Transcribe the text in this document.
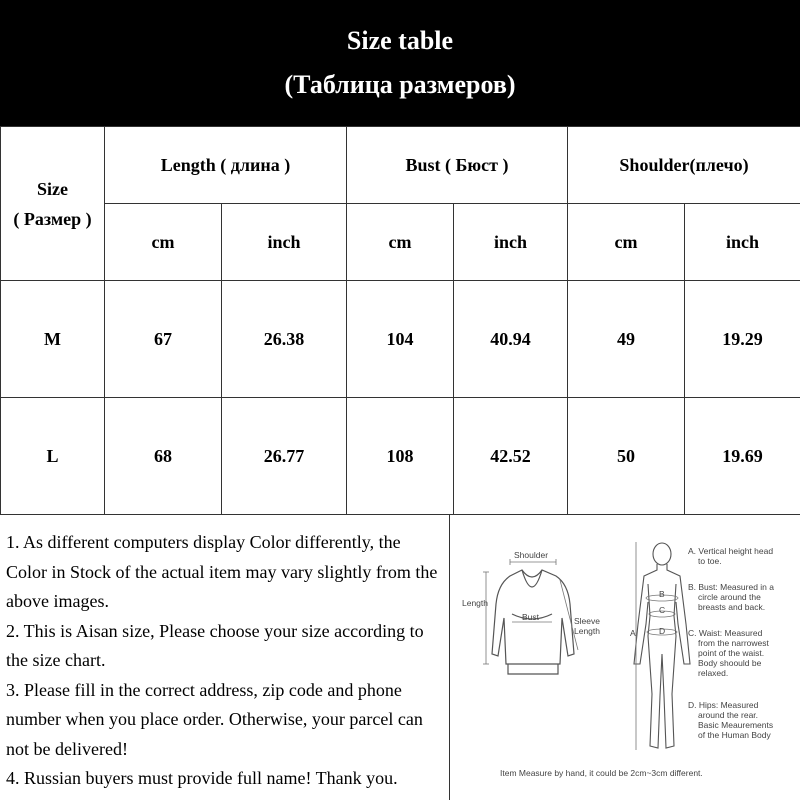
Size table
(Таблица размеров)
Size
( Размер )	Length ( длина )		Bust ( Бюст )		Shoulder(плечо)	
	cm	inch	cm	inch	cm	inch
M	67	26.38	104	40.94	49	19.29
L	68	26.77	108	42.52	50	19.69

1. As different computers display Color differently, the Color in Stock of the actual item may vary slightly from the above images.

2. This is Aisan size, Please choose your size according to the size chart.

3. Please fill in the correct address, zip code and phone number when you place order. Otherwise, your parcel can not be delivered!

4. Russian buyers must provide full name! Thank you.

Shoulder
Length
Bust	Sleeve
Length	A
B
C
D
A. Vertical height head
to toe.
B. Bust: Measured in a
circle around the
breasts and back.
C. Waist: Measured
from the narrowest
point of the waist.
Body shoould be
relaxed.
D. Hips: Measured
around the rear.
Basic Meaurements
of the Human Body
Item Measure by hand, it could be 2cm~3cm different.
